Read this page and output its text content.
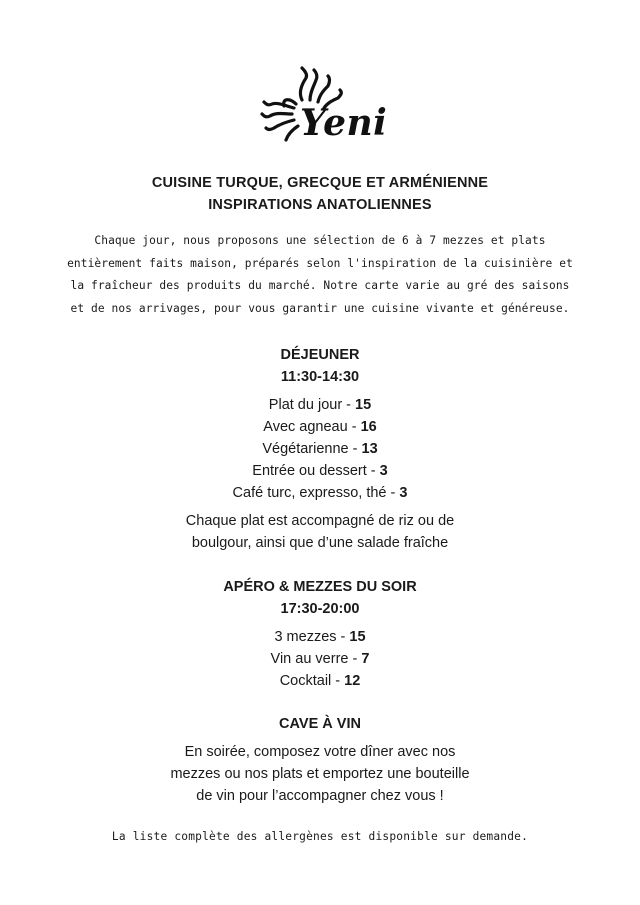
Yeni
CUISINE TURQUE, GRECQUE ET ARMÉNIENNE
INSPIRATIONS ANATOLIENNES
Chaque jour, nous proposons une sélection de 6 à 7 mezzes et plats
entièrement faits maison, préparés selon l'inspiration de la cuisinière et
la fraîcheur des produits du marché. Notre carte varie au gré des saisons
et de nos arrivages, pour vous garantir une cuisine vivante et généreuse.
DÉJEUNER
11:30-14:30
Plat du jour - 15
Avec agneau - 16
Végétarienne - 13
Entrée ou dessert - 3
Café turc, expresso, thé - 3
Chaque plat est accompagné de riz ou de
boulgour, ainsi que d’une salade fraîche
APÉRO & MEZZES DU SOIR
17:30-20:00
3 mezzes - 15
Vin au verre - 7
Cocktail - 12
CAVE À VIN
En soirée, composez votre dîner avec nos
mezzes ou nos plats et emportez une bouteille
de vin pour l’accompagner chez vous !
La liste complète des allergènes est disponible sur demande.
